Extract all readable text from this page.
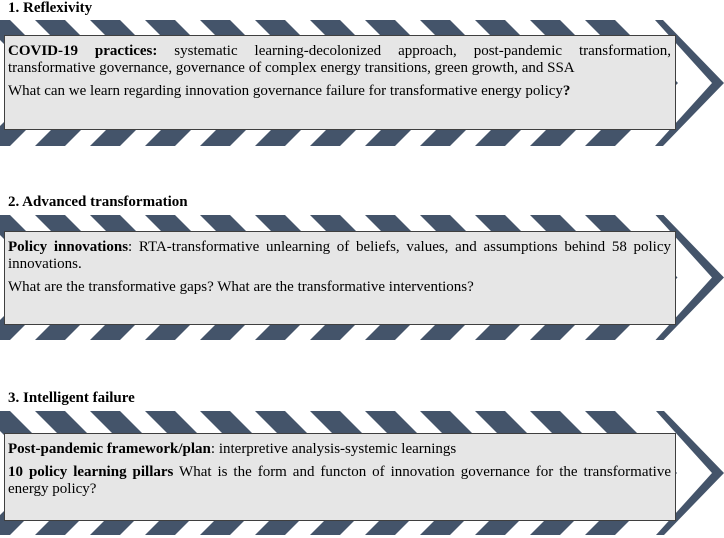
1. Reflexivity

COVID-19 practices: systematic learning-decolonized approach, post-pandemic transformation, transformative governance, governance of complex energy transitions, green growth, and SSA

What can we learn regarding innovation governance failure for transformative energy policy?

2. Advanced transformation

Policy innovations: RTA-transformative unlearning of beliefs, values, and assumptions behind 58 policy innovations.

What are the transformative gaps? What are the transformative interventions?

3. Intelligent failure

Post-pandemic framework/plan: interpretive analysis-systemic learnings

10 policy learning pillars What is the form and functon of innovation governance for the transformative energy policy?
